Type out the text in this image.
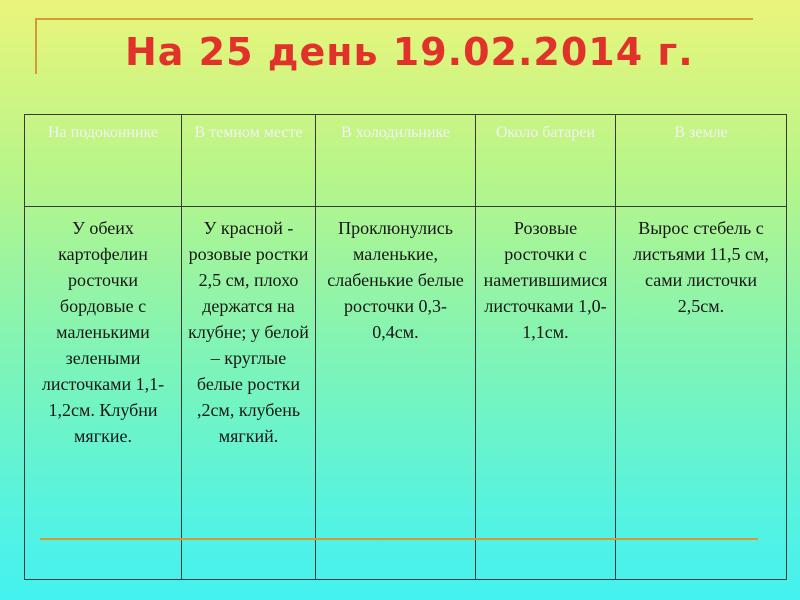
На 25 день 19.02.2014 г.
На подоконнике	В темном месте	В холодильнике	Около батареи	В земле
У обеих картофелин росточки бордовые с маленькими зелеными листочками 1,1-1,2см. Клубни мягкие.	У красной - розовые ростки 2,5 см, плохо держатся на клубне; у белой – круглые белые ростки ,2см, клубень мягкий.	Проклюнулись маленькие, слабенькие белые росточки 0,3-0,4см.	Розовые росточки с наметившимися листочками 1,0-1,1см.	Вырос стебель с листьями 11,5 см, сами листочки 2,5см.
